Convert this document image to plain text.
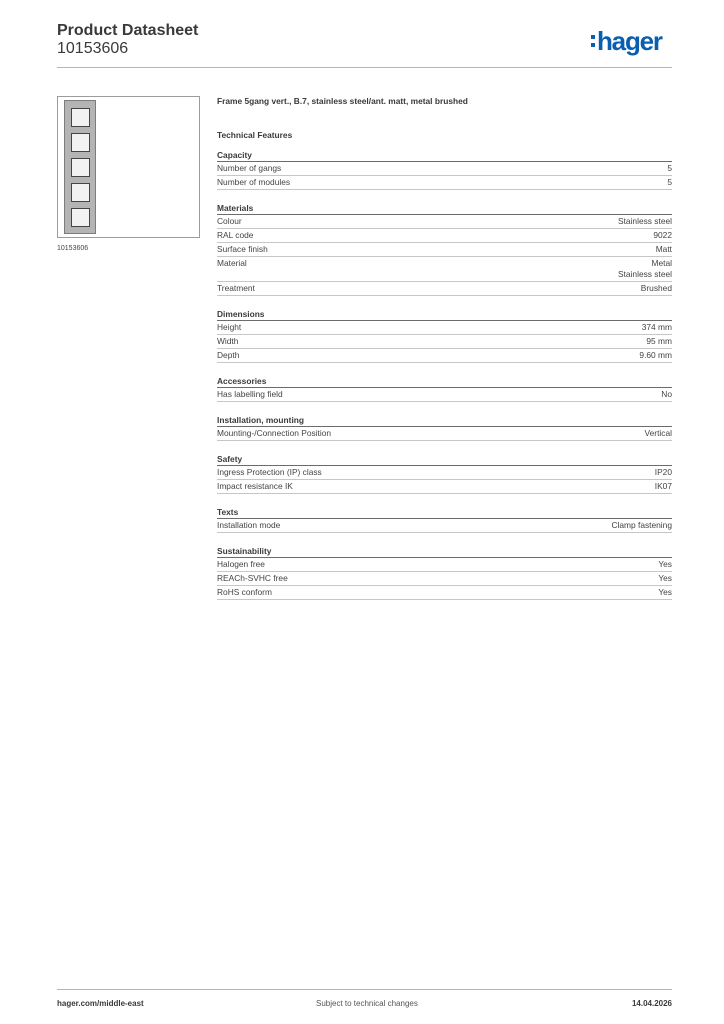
Product Datasheet
10153606	hager
10153606
Frame 5gang vert., B.7, stainless steel/ant. matt, metal brushed
Technical Features
Capacity
Number of gangs	5
Number of modules	5
Materials
Colour	Stainless steel
RAL code	9022
Surface finish	Matt
Material	Metal
Stainless steel
Treatment	Brushed
Dimensions
Height	374 mm
Width	95 mm
Depth	9.60 mm
Accessories
Has labelling field	No
Installation, mounting
Mounting-/Connection Position	Vertical
Safety
Ingress Protection (IP) class	IP20
Impact resistance IK	IK07
Texts
Installation mode	Clamp fastening
Sustainability
Halogen free	Yes
REACh-SVHC free	Yes
RoHS conform	Yes
hager.com/middle-east	Subject to technical changes	14.04.2026
